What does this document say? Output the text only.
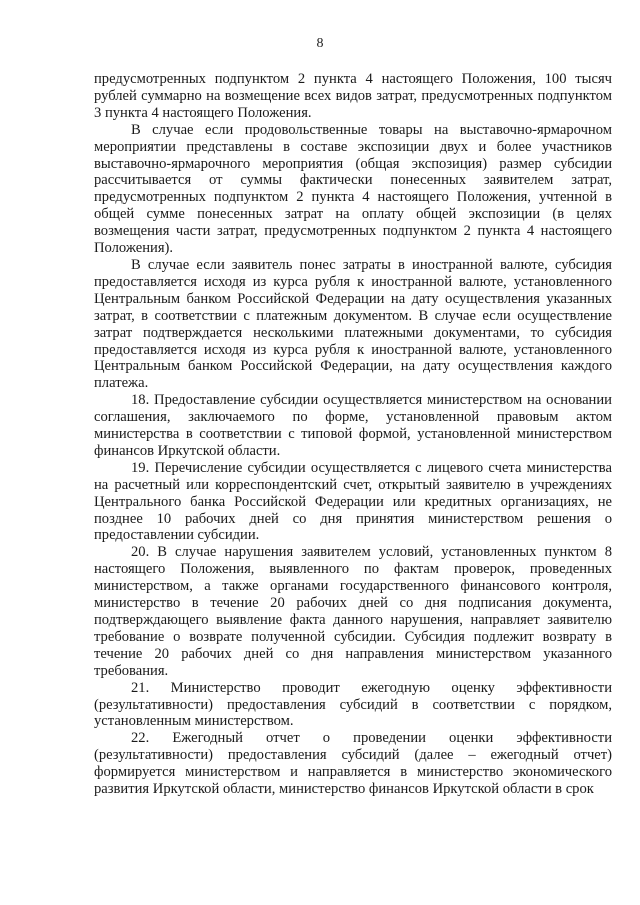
8

предусмотренных подпунктом 2 пункта 4 настоящего Положения, 100 тысяч рублей суммарно на возмещение всех видов затрат, предусмотренных подпунктом 3 пункта 4 настоящего Положения.

В случае если продовольственные товары на выставочно-ярмарочном мероприятии представлены в составе экспозиции двух и более участников выставочно-ярмарочного мероприятия (общая экспозиция) размер субсидии рассчитывается от суммы фактически понесенных заявителем затрат, предусмотренных подпунктом 2 пункта 4 настоящего Положения, учтенной в общей сумме понесенных затрат на оплату общей экспозиции (в целях возмещения части затрат, предусмотренных подпунктом 2 пункта 4 настоящего Положения).

В случае если заявитель понес затраты в иностранной валюте, субсидия предоставляется исходя из курса рубля к иностранной валюте, установленного Центральным банком Российской Федерации на дату осуществления указанных затрат, в соответствии с платежным документом. В случае если осуществление затрат подтверждается несколькими платежными документами, то субсидия предоставляется исходя из курса рубля к иностранной валюте, установленного Центральным банком Российской Федерации, на дату осуществления каждого платежа.

18. Предоставление субсидии осуществляется министерством на основании соглашения, заключаемого по форме, установленной правовым актом министерства в соответствии с типовой формой, установленной министерством финансов Иркутской области.

19. Перечисление субсидии осуществляется с лицевого счета министерства на расчетный или корреспондентский счет, открытый заявителю в учреждениях Центрального банка Российской Федерации или кредитных организациях, не позднее 10 рабочих дней со дня принятия министерством решения о предоставлении субсидии.

20. В случае нарушения заявителем условий, установленных пунктом 8 настоящего Положения, выявленного по фактам проверок, проведенных министерством, а также органами государственного финансового контроля, министерство в течение 20 рабочих дней со дня подписания документа, подтверждающего выявление факта данного нарушения, направляет заявителю требование о возврате полученной субсидии. Субсидия подлежит возврату в течение 20 рабочих дней со дня направления министерством указанного требования.

21. Министерство проводит ежегодную оценку эффективности (результативности) предоставления субсидий в соответствии с порядком, установленным министерством.

22. Ежегодный отчет о проведении оценки эффективности (результативности) предоставления субсидий (далее – ежегодный отчет) формируется министерством и направляется в министерство экономического развития Иркутской области, министерство финансов Иркутской области в срок
